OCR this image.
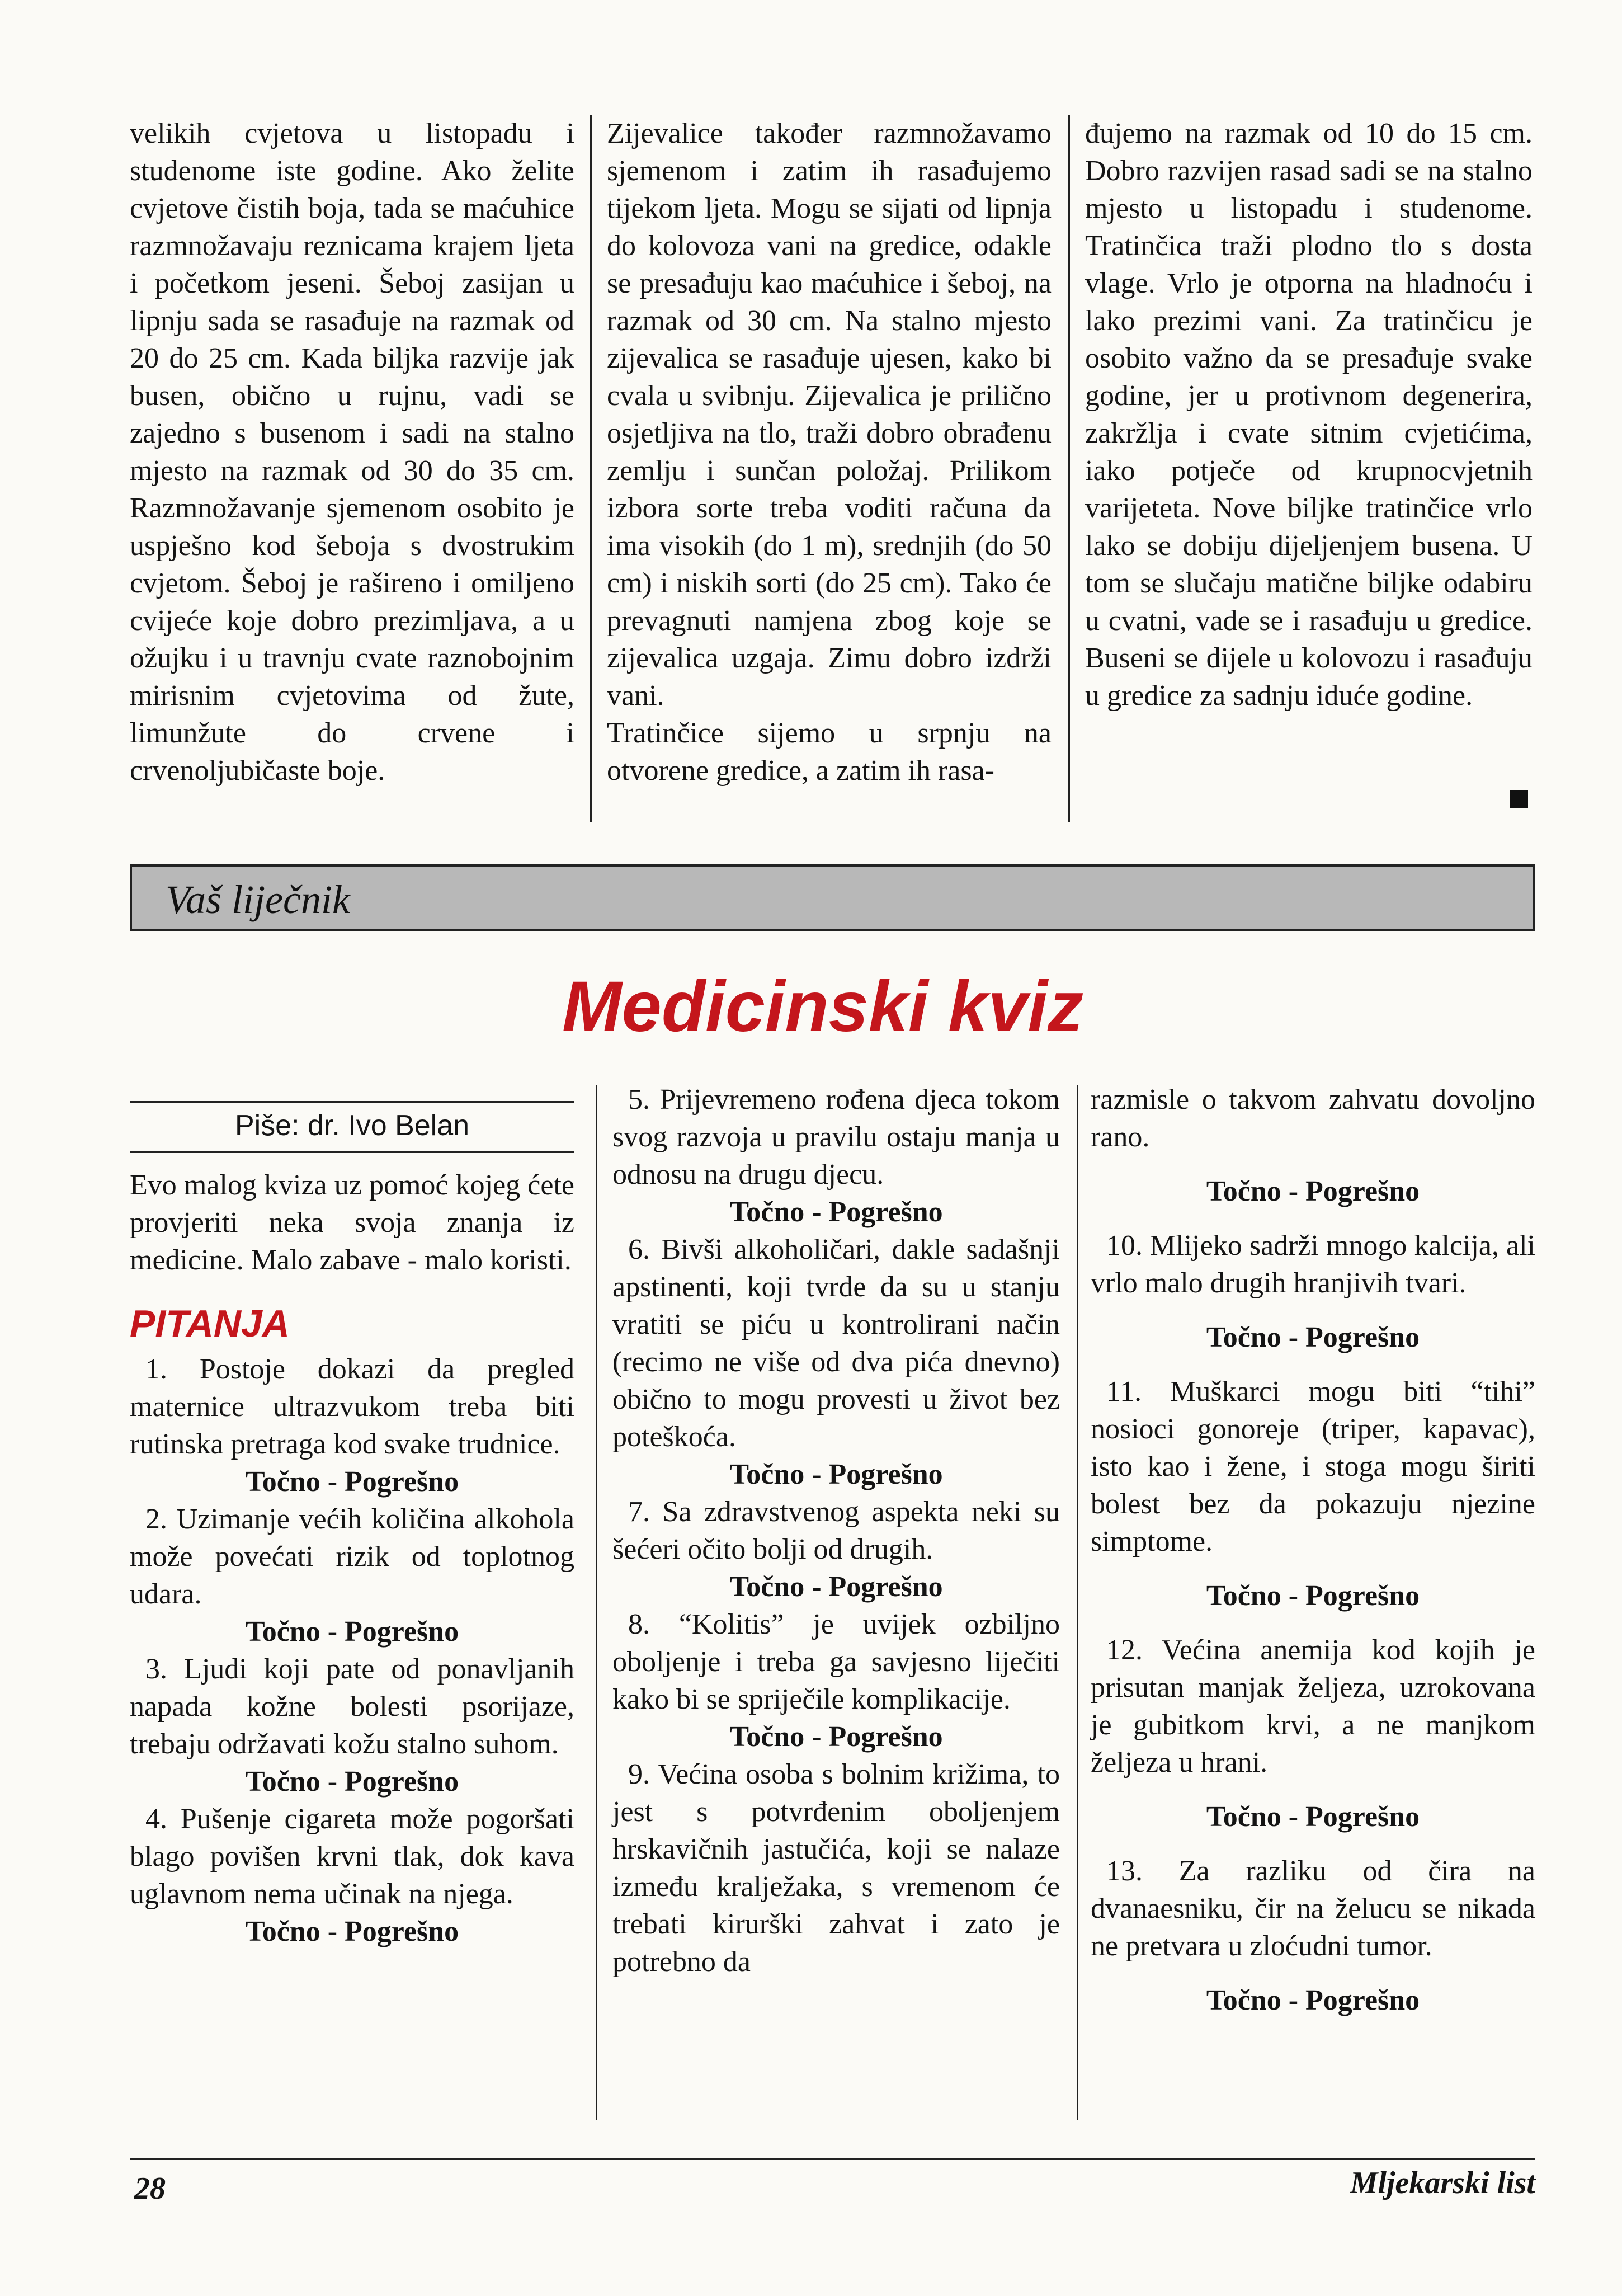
velikih cvjetova u listopadu i studenome iste godine. Ako želite cvjetove čistih boja, tada se maćuhice razmnožavaju reznicama krajem ljeta i početkom jeseni. Šeboj zasijan u lipnju sada se rasađuje na razmak od 20 do 25 cm. Kada biljka razvije jak busen, obično u rujnu, vadi se zajedno s busenom i sadi na stalno mjesto na razmak od 30 do 35 cm. Razmnožavanje sjemenom osobito je uspješno kod šeboja s dvostrukim cvjetom. Šeboj je rašireno i omiljeno cvijeće koje dobro prezimljava, a u ožujku i u travnju cvate raznobojnim mirisnim cvjetovima od žute, limunžute do crvene i crvenoljubičaste boje.

Zijevalice također razmnožavamo sjemenom i zatim ih rasađujemo tijekom ljeta. Mogu se sijati od lipnja do kolovoza vani na gredice, odakle se presađuju kao maćuhice i šeboj, na razmak od 30 cm. Na stalno mjesto zijevalica se rasađuje ujesen, kako bi cvala u svibnju. Zijevalica je prilično osjetljiva na tlo, traži dobro obrađenu zemlju i sunčan položaj. Prilikom izbora sorte treba voditi računa da ima visokih (do 1 m), srednjih (do 50 cm) i niskih sorti (do 25 cm). Tako će prevagnuti namjena zbog koje se zijevalica uzgaja. Zimu dobro izdrži vani.

Tratinčice sijemo u srpnju na otvorene gredice, a zatim ih rasa-

đujemo na razmak od 10 do 15 cm. Dobro razvijen rasad sadi se na stalno mjesto u listopadu i studenome. Tratinčica traži plodno tlo s dosta vlage. Vrlo je otporna na hladnoću i lako prezimi vani. Za tratinčicu je osobito važno da se presađuje svake godine, jer u protivnom degenerira, zakržlja i cvate sitnim cvjetićima, iako potječe od krupnocvjetnih varijeteta. Nove biljke tratinčice vrlo lako se dobiju dijeljenjem busena. U tom se slučaju matične biljke odabiru u cvatni, vade se i rasađuju u gredice. Buseni se dijele u kolovozu i rasađuju u gredice za sadnju iduće godine.

Vaš liječnik
Medicinski kviz
Piše: dr. Ivo Belan

Evo malog kviza uz pomoć kojeg ćete provjeriti neka svoja znanja iz medicine. Malo zabave - malo koristi.

PITANJA

1. Postoje dokazi da pregled maternice ultrazvukom treba biti rutinska pretraga kod svake trudnice.

Točno - Pogrešno

2. Uzimanje većih količina alkohola može povećati rizik od toplotnog udara.

Točno - Pogrešno

3. Ljudi koji pate od ponavljanih napada kožne bolesti psorijaze, trebaju održavati kožu stalno suhom.

Točno - Pogrešno

4. Pušenje cigareta može pogoršati blago povišen krvni tlak, dok kava uglavnom nema učinak na njega.

Točno - Pogrešno

5. Prijevremeno rođena djeca tokom svog razvoja u pravilu ostaju manja u odnosu na drugu djecu.

Točno - Pogrešno

6. Bivši alkoholičari, dakle sadašnji apstinenti, koji tvrde da su u stanju vratiti se piću u kontrolirani način (recimo ne više od dva pića dnevno) obično to mogu provesti u život bez poteškoća.

Točno - Pogrešno

7. Sa zdravstvenog aspekta neki su šećeri očito bolji od drugih.

Točno - Pogrešno

8. “Kolitis” je uvijek ozbiljno oboljenje i treba ga savjesno liječiti kako bi se spriječile komplikacije.

Točno - Pogrešno

9. Većina osoba s bolnim križima, to jest s potvrđenim oboljenjem hrskavičnih jastučića, koji se nalaze između kralježaka, s vremenom će trebati kirurški zahvat i zato je potrebno da

razmisle o takvom zahvatu dovoljno rano.

Točno - Pogrešno

10. Mlijeko sadrži mnogo kalcija, ali vrlo malo drugih hranjivih tvari.

Točno - Pogrešno

11. Muškarci mogu biti “tihi” nosioci gonoreje (triper, kapavac), isto kao i žene, i stoga mogu širiti bolest bez da pokazuju njezine simptome.

Točno - Pogrešno

12. Većina anemija kod kojih je prisutan manjak željeza, uzrokovana je gubitkom krvi, a ne manjkom željeza u hrani.

Točno - Pogrešno

13. Za razliku od čira na dvanaesniku, čir na želucu se nikada ne pretvara u zloćudni tumor.

Točno - Pogrešno

28	Mljekarski list
